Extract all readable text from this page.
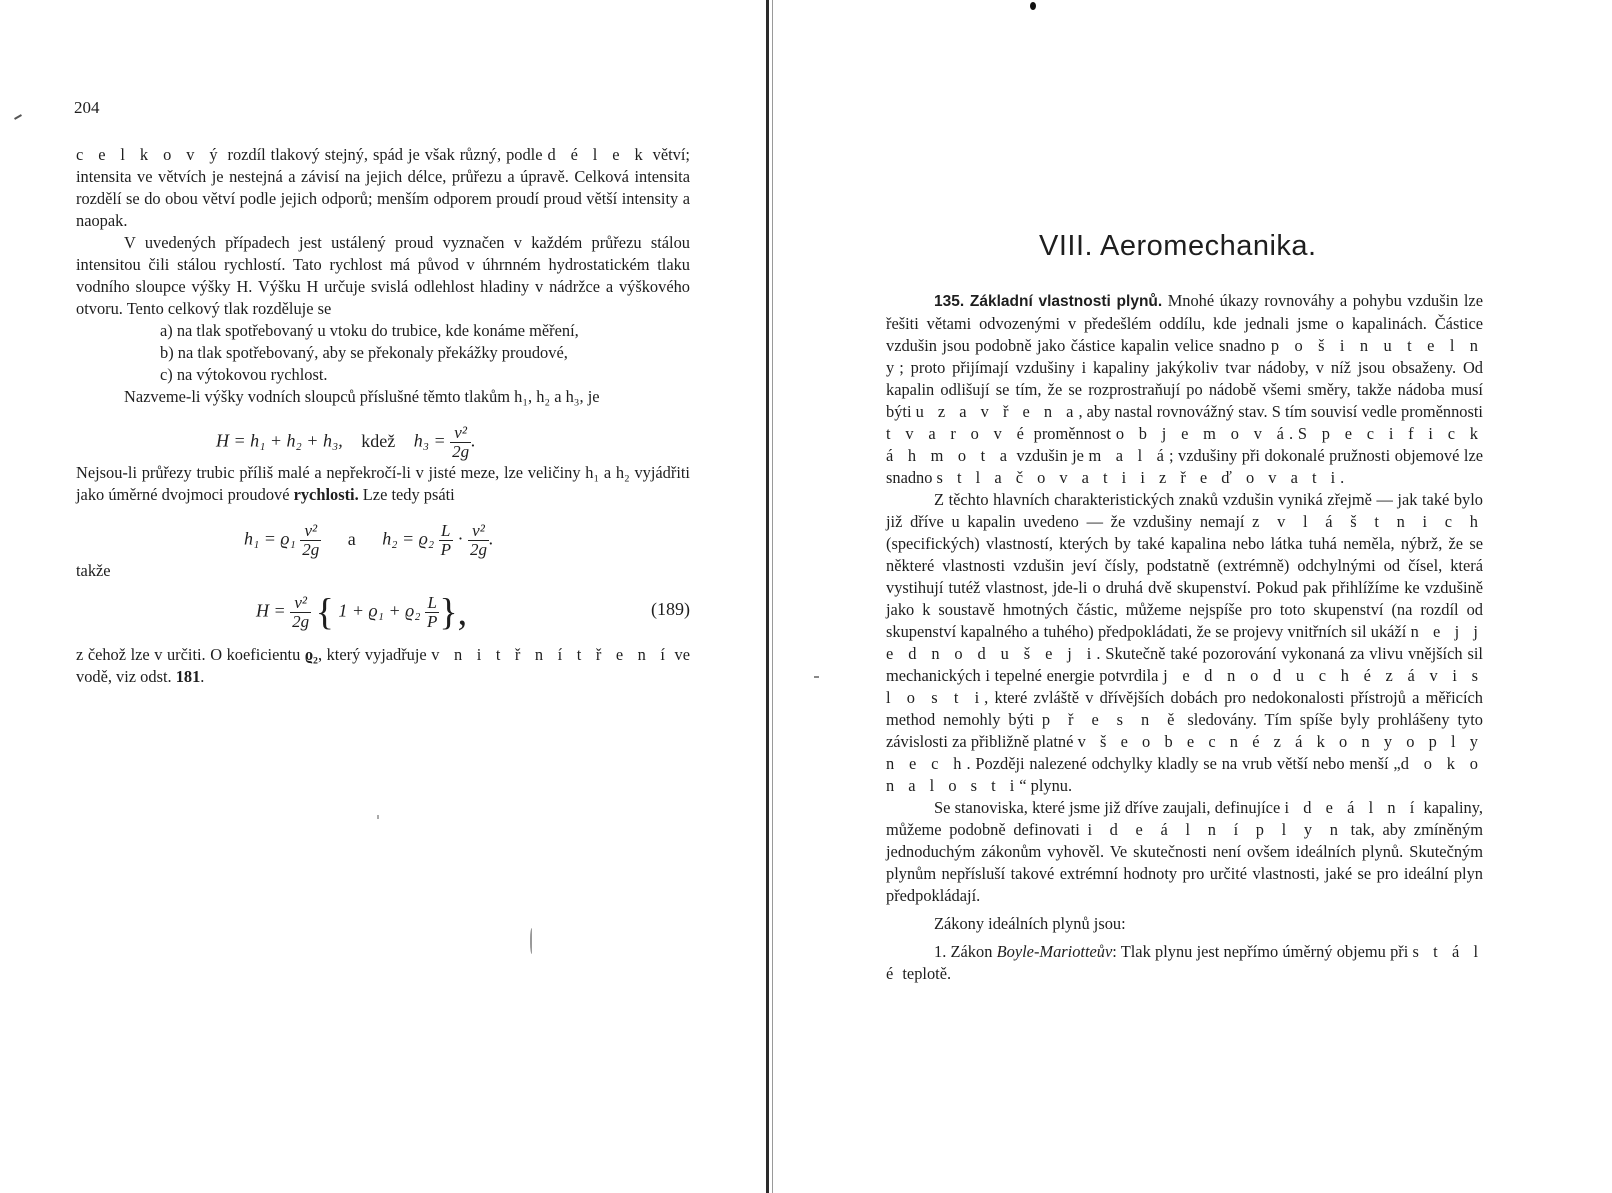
204

c e l k o v ý rozdíl tlakový stejný, spád je však různý, podle d é l e k větví; intensita ve větvích je nestejná a závisí na jejich délce, průřezu a úpravě. Celková intensita rozdělí se do obou větví podle jejich odporů; menším odporem proudí proud větší intensity a naopak.

V uvedených případech jest ustálený proud vyznačen v každém průřezu stálou intensitou čili stálou rychlostí. Tato rychlost má původ v úhrnném hydrostatickém tlaku vodního sloupce výšky H. Výšku H určuje svislá odlehlost hladiny v nádržce a výškového otvoru. Tento celkový tlak rozděluje se

a) na tlak spotřebovaný u vtoku do trubice, kde konáme měření,

b) na tlak spotřebovaný, aby se překonaly překážky proudové,

c) na výtokovou rychlost.

Nazveme-li výšky vodních sloupců příslušné těmto tlakům h₁, h₂ a h₃, je

H = h₁ + h₂ + h₃, kdež $h_3 = \frac{\text{v²}}{2g}$ .

Nejsou-li průřezy trubic příliš malé a nepřekročí-li v jisté meze, lze veličiny h₁ a h₂ vyjádřiti jako úměrné dvojmoci proudové rychlosti. Lze tedy psáti

$h_1 = ϱ_1 \frac{\text{v²}}{2g}$ a $h_2 = ϱ_2 \frac{L}{P} \cdot \frac{\text{v²}}{2g}$ .

takže

$H = \frac{\text{v²}}{2g}$ { $1 + ϱ_1 + ϱ_2 \frac{L}{P}$ },	(189)

z čehož lze v určiti. O koeficientu ϱ₂, který vyjadřuje v n i t ř n í t ř e n í ve vodě, viz odst. 181.

VIII. Aeromechanika.

135. Základní vlastnosti plynů. Mnohé úkazy rovnováhy a pohybu vzdušin lze řešiti větami odvozenými v předešlém oddílu, kde jednali jsme o kapalinách. Částice vzdušin jsou podobně jako částice kapalin velice snadno p o š i n u t e l n y; proto přijímají vzdušiny i kapaliny jakýkoliv tvar nádoby, v níž jsou obsaženy. Od kapalin odlišují se tím, že se rozprostraňují po nádobě všemi směry, takže nádoba musí býti u z a v ř e n a, aby nastal rovnovážný stav. S tím souvisí vedle proměnnosti t v a r o v é proměnnost o b j e m o v á. S p e c i f i c k á h m o t a vzdušin je m a l á; vzdušiny při dokonalé pružnosti objemové lze snadno s t l a č o v a t i i z ř e ď o v a t i.

Z těchto hlavních charakteristických znaků vzdušin vyniká zřejmě — jak také bylo již dříve u kapalin uvedeno — že vzdušiny nemají z v l á š t n i c h (specifických) vlastností, kterých by také kapalina nebo látka tuhá neměla, nýbrž, že se některé vlastnosti vzdušin jeví čísly, podstatně (extrémně) odchylnými od čísel, která vystihují tutéž vlastnost, jde-li o druhá dvě skupenství. Pokud pak přihlížíme ke vzdušině jako k soustavě hmotných částic, můžeme nejspíše pro toto skupenství (na rozdíl od skupenství kapalného a tuhého) předpokládati, že se projevy vnitřních sil ukáží n e j j e d n o d u š e j i. Skutečně také pozorování vykonaná za vlivu vnějších sil mechanických i tepelné energie potvrdila j e d n o d u c h é z á v i s l o s t i, které zvláště v dřívějších dobách pro nedokonalosti přístrojů a měřicích method nemohly býti p ř e s n ě sledovány. Tím spíše byly prohlášeny tyto závislosti za přibližně platné v š e o b e c n é z á k o n y o p l y n e c h. Později nalezené odchylky kladly se na vrub větší nebo menší „d o k o n a l o s t i“ plynu.

Se stanoviska, které jsme již dříve zaujali, definujíce i d e á l n í kapaliny, můžeme podobně definovati i d e á l n í p l y n tak, aby zmíněným jednoduchým zákonům vyhověl. Ve skutečnosti není ovšem ideálních plynů. Skutečným plynům nepřísluší takové extrémní hodnoty pro určité vlastnosti, jaké se pro ideální plyn předpokládají.

Zákony ideálních plynů jsou:

1. Zákon Boyle-Mariotteův: Tlak plynu jest nepřímo úměrný objemu při s t á l é teplotě.
